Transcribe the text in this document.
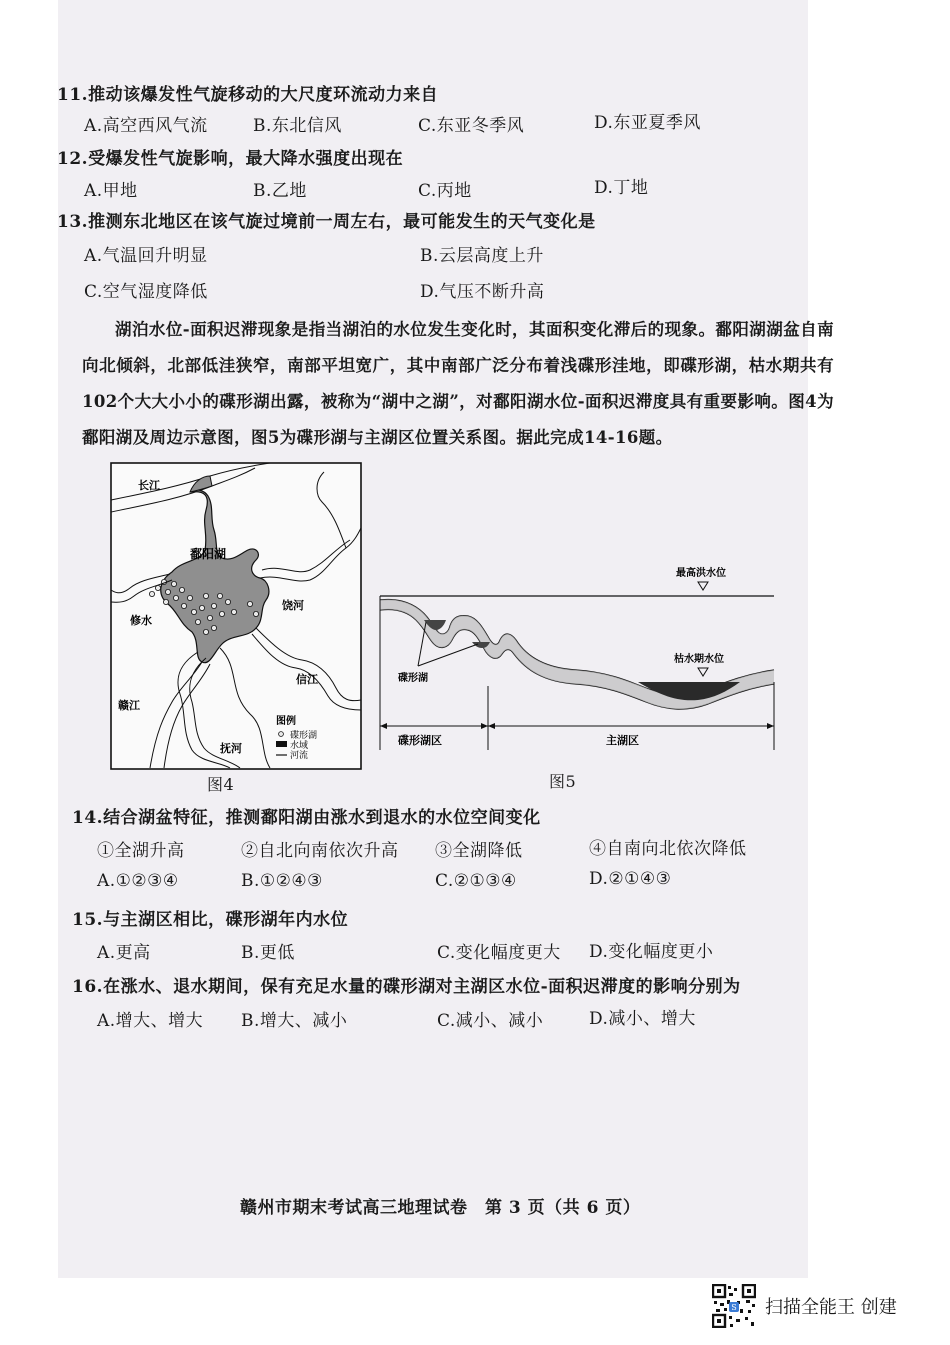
11.推动该爆发性气旋移动的大尺度环流动力来自
A.高空西风气流	B.东北信风	C.东亚冬季风	D.东亚夏季风
12.受爆发性气旋影响，最大降水强度出现在
A.甲地	B.乙地	C.丙地	D.丁地
13.推测东北地区在该气旋过境前一周左右，最可能发生的天气变化是
A.气温回升明显	B.云层高度上升
C.空气湿度降低	D.气压不断升高

湖泊水位-面积迟滞现象是指当湖泊的水位发生变化时，其面积变化滞后的现象。鄱阳湖湖盆自南向北倾斜，北部低洼狭窄，南部平坦宽广，其中南部广泛分布着浅碟形洼地，即碟形湖，枯水期共有102个大大小小的碟形湖出露，被称为“湖中之湖”，对鄱阳湖水位-面积迟滞度具有重要影响。图4为鄱阳湖及周边示意图，图5为碟形湖与主湖区位置关系图。据此完成14-16题。

长江
鄱阳湖
饶河
修水
信江
赣江
抚河
图例
碟形湖
水域
河流
图4
最高洪水位
枯水期水位
碟形湖
碟形湖区	主湖区
图5
14.结合湖盆特征，推测鄱阳湖由涨水到退水的水位空间变化
①全湖升高	②自北向南依次升高 ③全湖降低	④自南向北依次降低
A.①②③④	B.①②④③	C.②①③④	D.②①④③
15.与主湖区相比，碟形湖年内水位
A.更高	B.更低	C.变化幅度更大 D.变化幅度更小
16.在涨水、退水期间，保有充足水量的碟形湖对主湖区水位-面积迟滞度的影响分别为
A.增大、增大 B.增大、减小	C.减小、减小	D.减小、增大
赣州市期末考试高三地理试卷　第 3 页（共 6 页）
S 扫描全能王 创建
